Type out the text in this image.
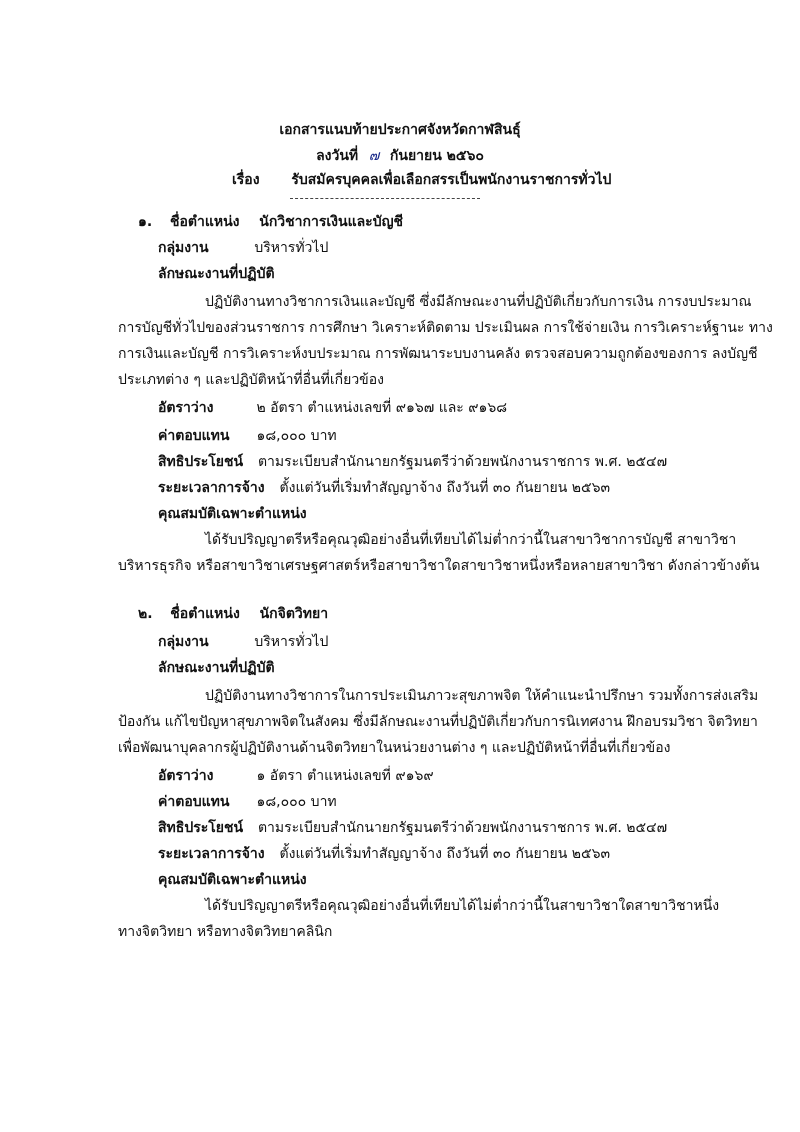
เอกสารแนบท้ายประกาศจังหวัดกาฬสินธุ์
ลงวันที่ ๗ กันยายน ๒๕๖๐
เรื่อง รับสมัครบุคคลเพื่อเลือกสรรเป็นพนักงานราชการทั่วไป
๑. ชื่อตำแหน่ง นักวิชาการเงินและบัญชี
กลุ่มงาน	บริหารทั่วไป
ลักษณะงานที่ปฏิบัติ
ปฏิบัติงานทางวิชาการเงินและบัญชี ซึ่งมีลักษณะงานที่ปฏิบัติเกี่ยวกับการเงิน การงบประมาณ
การบัญชีทั่วไปของส่วนราชการ การศึกษา วิเคราะห์ติดตาม ประเมินผล การใช้จ่ายเงิน การวิเคราะห์ฐานะ ทาง
การเงินและบัญชี การวิเคราะห์งบประมาณ การพัฒนาระบบงานคลัง ตรวจสอบความถูกต้องของการ ลงบัญชี
ประเภทต่าง ๆ และปฏิบัติหน้าที่อื่นที่เกี่ยวข้อง
อัตราว่าง	๒ อัตรา ตำแหน่งเลขที่ ๙๑๖๗ และ ๙๑๖๘
ค่าตอบแทน ๑๘,๐๐๐ บาท
สิทธิประโยชน์ ตามระเบียบสำนักนายกรัฐมนตรีว่าด้วยพนักงานราชการ พ.ศ. ๒๕๔๗
ระยะเวลาการจ้าง ตั้งแต่วันที่เริ่มทำสัญญาจ้าง ถึงวันที่ ๓๐ กันยายน ๒๕๖๓
คุณสมบัติเฉพาะตำแหน่ง
ได้รับปริญญาตรีหรือคุณวุฒิอย่างอื่นที่เทียบได้ไม่ต่ำกว่านี้ในสาขาวิชาการบัญชี สาขาวิชา
บริหารธุรกิจ หรือสาขาวิชาเศรษฐศาสตร์หรือสาขาวิชาใดสาขาวิชาหนึ่งหรือหลายสาขาวิชา ดังกล่าวข้างต้น
๒. ชื่อตำแหน่ง นักจิตวิทยา
กลุ่มงาน	บริหารทั่วไป
ลักษณะงานที่ปฏิบัติ
ปฏิบัติงานทางวิชาการในการประเมินภาวะสุขภาพจิต ให้คำแนะนำปรึกษา รวมทั้งการส่งเสริม
ป้องกัน แก้ไขปัญหาสุขภาพจิตในสังคม ซึ่งมีลักษณะงานที่ปฏิบัติเกี่ยวกับการนิเทศงาน ฝึกอบรมวิชา จิตวิทยา
เพื่อพัฒนาบุคลากรผู้ปฏิบัติงานด้านจิตวิทยาในหน่วยงานต่าง ๆ และปฏิบัติหน้าที่อื่นที่เกี่ยวข้อง
อัตราว่าง	๑ อัตรา ตำแหน่งเลขที่ ๙๑๖๙
ค่าตอบแทน ๑๘,๐๐๐ บาท
สิทธิประโยชน์ ตามระเบียบสำนักนายกรัฐมนตรีว่าด้วยพนักงานราชการ พ.ศ. ๒๕๔๗
ระยะเวลาการจ้าง ตั้งแต่วันที่เริ่มทำสัญญาจ้าง ถึงวันที่ ๓๐ กันยายน ๒๕๖๓
คุณสมบัติเฉพาะตำแหน่ง
ได้รับปริญญาตรีหรือคุณวุฒิอย่างอื่นที่เทียบได้ไม่ต่ำกว่านี้ในสาขาวิชาใดสาขาวิชาหนึ่ง
ทางจิตวิทยา หรือทางจิตวิทยาคลินิก
